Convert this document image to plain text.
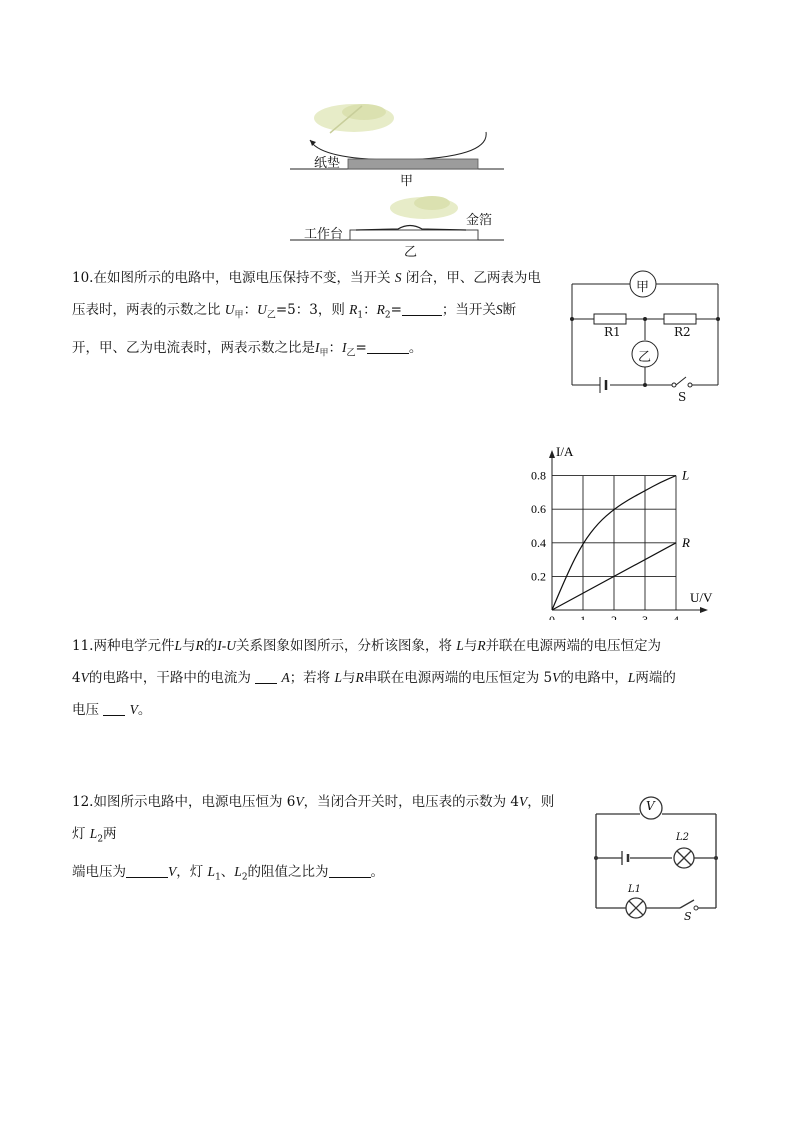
纸垫
甲
工作台
金箔
乙
10.在如图所示的电路中，电源电压保持不变，当开关 S 闭合，甲、乙两表为电
压表时，两表的示数之比 $U_甲$：$U_乙=5$：3，则 $R_1$：$R_2=$	；当开关S断
开，甲、乙为电流表时，两表示数之比是$I_甲$：$I_乙=$	。
甲
乙
R1	R2
S
0 1 2 3 4
0.2
0.4
0.6
0.8
I/A
U/V
L
R
11.两种电学元件L与R的I-U关系图象如图所示，分析该图象，将 L与R并联在电源两端的电压恒定为
4V的电路中，干路中的电流为 A；若将 L与R串联在电源两端的电压恒定为 5V的电路中，L两端的
电压 V。
12.如图所示电路中，电源电压恒为 6V，当闭合开关时，电压表的示数为 4V，则
灯 $L_2$两
端电压为	V，灯 $L_1$、$L_2$的阻值之比为	。
V
L2
L1
S
